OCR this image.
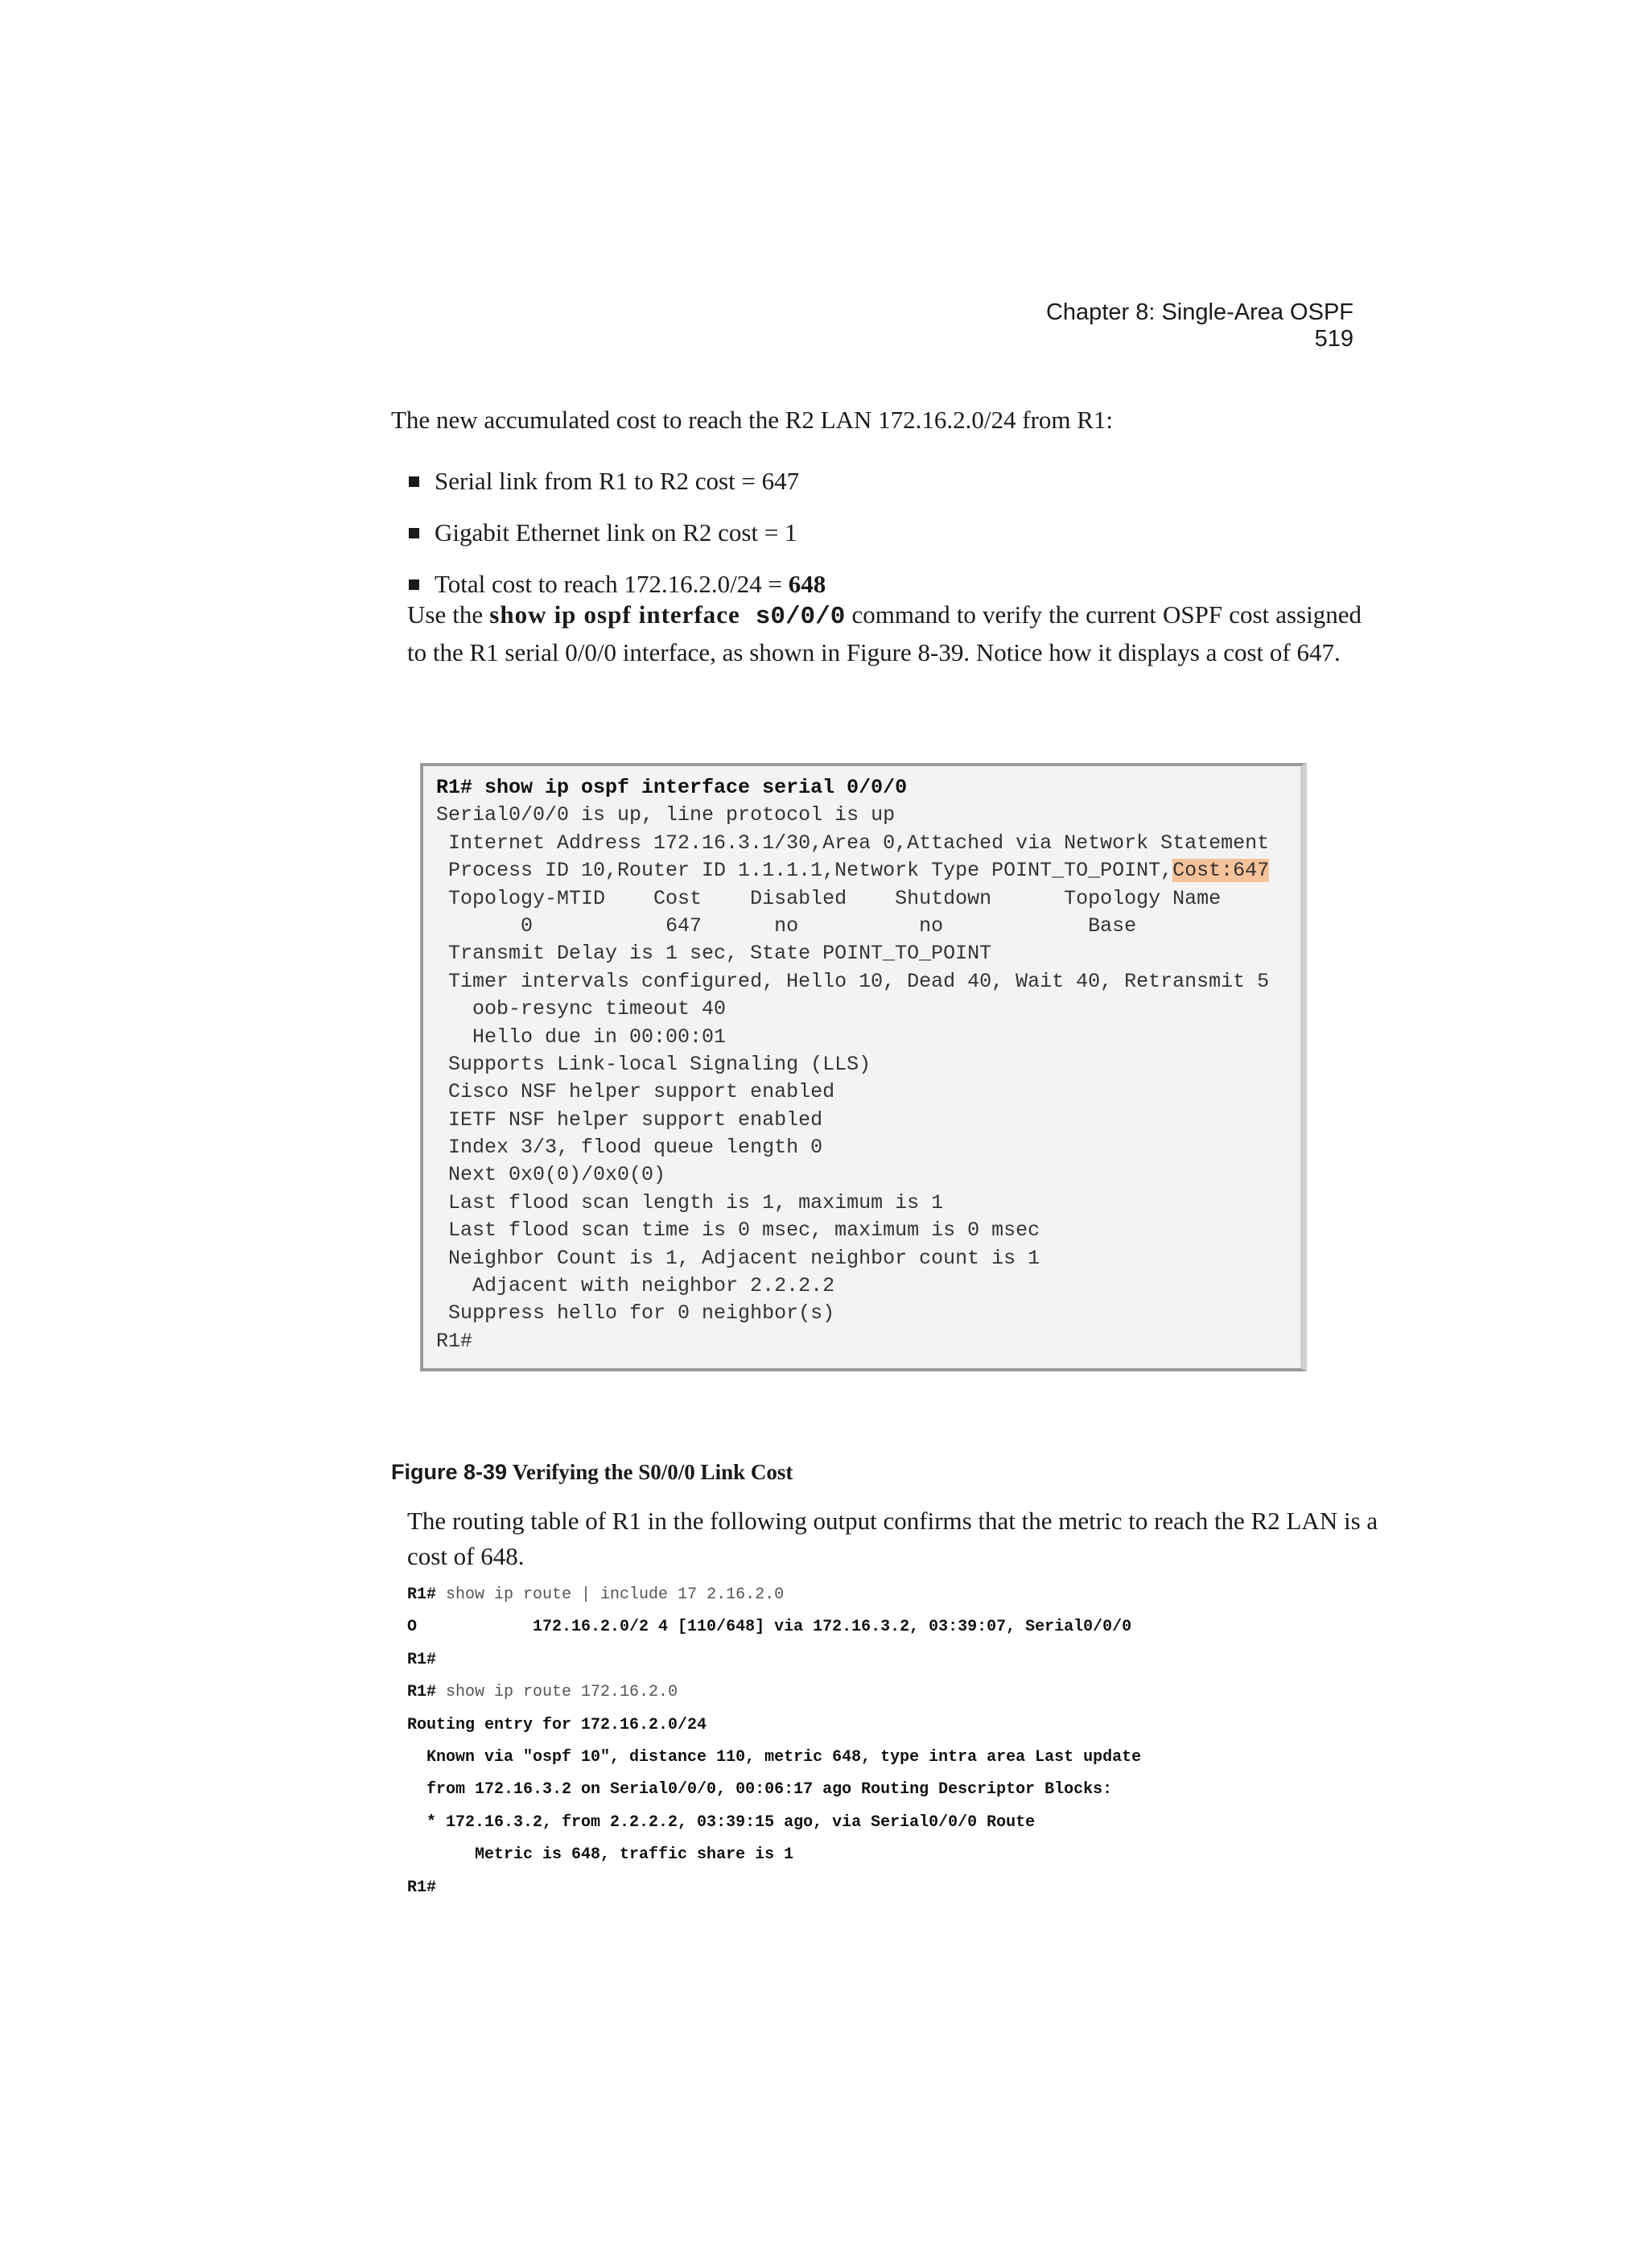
Chapter 8: Single-Area OSPF 519
The new accumulated cost to reach the R2 LAN 172.16.2.0/24 from R1:
Serial link from R1 to R2 cost = 647
Gigabit Ethernet link on R2 cost = 1
Total cost to reach 172.16.2.0/24 = 648
Use the show ip ospf interface s0/0/0 command to verify the current OSPF cost assigned to the R1 serial 0/0/0 interface, as shown in Figure 8-39. Notice how it displays a cost of 647.
R1# show ip ospf interface serial 0/0/0
Serial0/0/0 is up, line protocol is up
Internet Address 172.16.3.1/30,Area 0,Attached via Network Statement
Process ID 10,Router ID 1.1.1.1,Network Type POINT_TO_POINT,Cost:647
Topology-MTID    Cost    Disabled    Shutdown      Topology Name
0           647      no          no            Base
Transmit Delay is 1 sec, State POINT_TO_POINT
Timer intervals configured, Hello 10, Dead 40, Wait 40, Retransmit 5
oob-resync timeout 40
Hello due in 00:00:01
Supports Link-local Signaling (LLS)
Cisco NSF helper support enabled
IETF NSF helper support enabled
Index 3/3, flood queue length 0
Next 0x0(0)/0x0(0)
Last flood scan length is 1, maximum is 1
Last flood scan time is 0 msec, maximum is 0 msec
Neighbor Count is 1, Adjacent neighbor count is 1
Adjacent with neighbor 2.2.2.2
Suppress hello for 0 neighbor(s)
R1#
Figure 8-39 Verifying the S0/0/0 Link Cost
The routing table of R1 in the following output confirms that the metric to reach the R2 LAN is a cost of 648.
R1# show ip route | include 17 2.16.2.0
O            172.16.2.0/2 4 [110/648] via 172.16.3.2, 03:39:07, Serial0/0/0
R1#
R1# show ip route 172.16.2.0
Routing entry for 172.16.2.0/24
Known via "ospf 10", distance 110, metric 648, type intra area Last update
from 172.16.3.2 on Serial0/0/0, 00:06:17 ago Routing Descriptor Blocks:
* 172.16.3.2, from 2.2.2.2, 03:39:15 ago, via Serial0/0/0 Route
Metric is 648, traffic share is 1
R1#
